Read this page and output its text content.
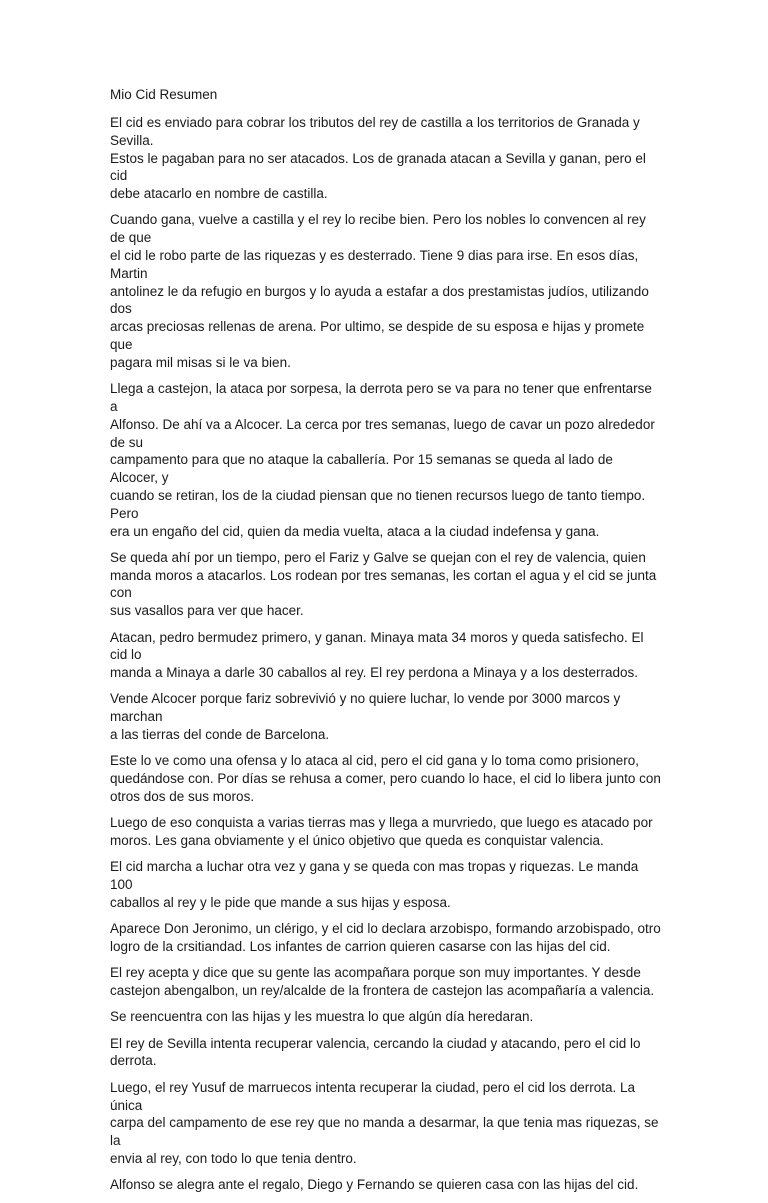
Mio Cid Resumen

El cid es enviado para cobrar los tributos del rey de castilla a los territorios de Granada y Sevilla.
Estos le pagaban para no ser atacados. Los de granada atacan a Sevilla y ganan, pero el cid
debe atacarlo en nombre de castilla.

Cuando gana, vuelve a castilla y el rey lo recibe bien. Pero los nobles lo convencen al rey de que
el cid le robo parte de las riquezas y es desterrado. Tiene 9 dias para irse. En esos días, Martin
antolinez le da refugio en burgos y lo ayuda a estafar a dos prestamistas judíos, utilizando dos
arcas preciosas rellenas de arena. Por ultimo, se despide de su esposa e hijas y promete que
pagara mil misas si le va bien.

Llega a castejon, la ataca por sorpesa, la derrota pero se va para no tener que enfrentarse a
Alfonso. De ahí va a Alcocer. La cerca por tres semanas, luego de cavar un pozo alrededor de su
campamento para que no ataque la caballería. Por 15 semanas se queda al lado de Alcocer, y
cuando se retiran, los de la ciudad piensan que no tienen recursos luego de tanto tiempo. Pero
era un engaño del cid, quien da media vuelta, ataca a la ciudad indefensa y gana.

Se queda ahí por un tiempo, pero el Fariz y Galve se quejan con el rey de valencia, quien
manda moros a atacarlos. Los rodean por tres semanas, les cortan el agua y el cid se junta con
sus vasallos para ver que hacer.

Atacan, pedro bermudez primero, y ganan. Minaya mata 34 moros y queda satisfecho. El cid lo
manda a Minaya a darle 30 caballos al rey. El rey perdona a Minaya y a los desterrados.

Vende Alcocer porque fariz sobrevivió y no quiere luchar, lo vende por 3000 marcos y marchan
a las tierras del conde de Barcelona.

Este lo ve como una ofensa y lo ataca al cid, pero el cid gana y lo toma como prisionero,
quedándose con. Por días se rehusa a comer, pero cuando lo hace, el cid lo libera junto con
otros dos de sus moros.

Luego de eso conquista a varias tierras mas y llega a murvriedo, que luego es atacado por
moros. Les gana obviamente y el único objetivo que queda es conquistar valencia.

El cid marcha a luchar otra vez y gana y se queda con mas tropas y riquezas. Le manda 100
caballos al rey y le pide que mande a sus hijas y esposa.

Aparece Don Jeronimo, un clérigo, y el cid lo declara arzobispo, formando arzobispado, otro
logro de la crsitiandad. Los infantes de carrion quieren casarse con las hijas del cid.

El rey acepta y dice que su gente las acompañara porque son muy importantes. Y desde
castejon abengalbon, un rey/alcalde de la frontera de castejon las acompañaría a valencia.

Se reencuentra con las hijas y les muestra lo que algún día heredaran.

El rey de Sevilla intenta recuperar valencia, cercando la ciudad y atacando, pero el cid lo
derrota.

Luego, el rey Yusuf de marruecos intenta recuperar la ciudad, pero el cid los derrota. La única
carpa del campamento de ese rey que no manda a desarmar, la que tenia mas riquezas, se la
envia al rey, con todo lo que tenia dentro.

Alfonso se alegra ante el regalo, Diego y Fernando se quieren casa con las hijas del cid.
